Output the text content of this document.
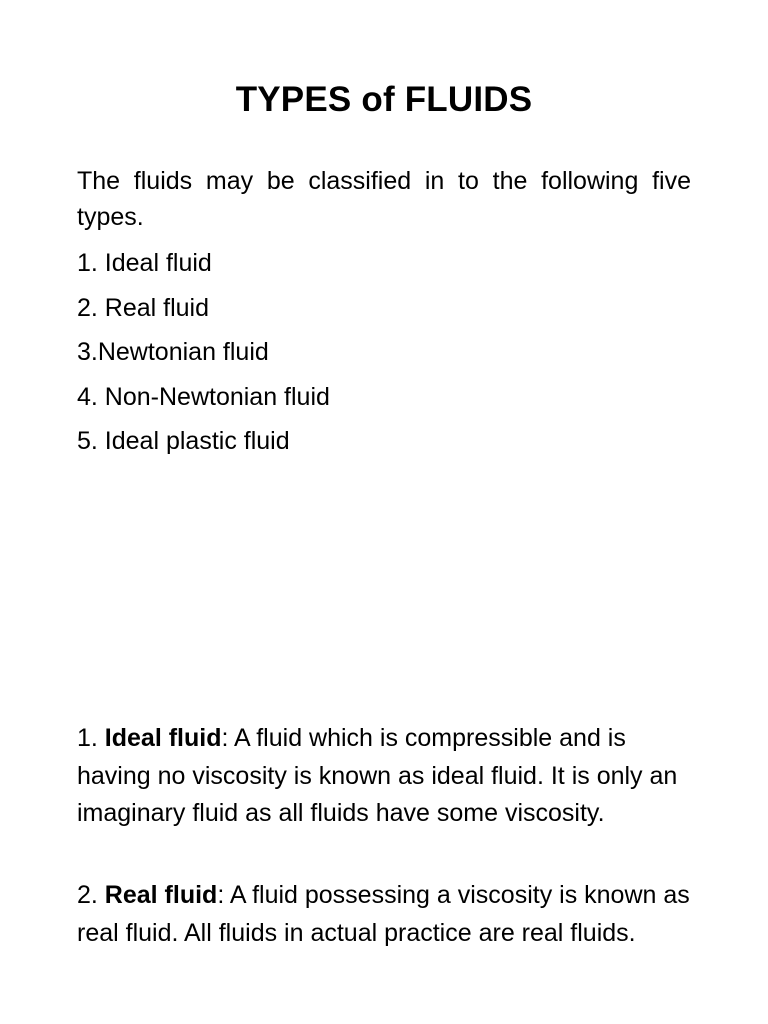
TYPES of FLUIDS

The fluids may be classified in to the following five types.

1. Ideal fluid
2. Real fluid
3.Newtonian fluid
4. Non-Newtonian fluid
5. Ideal plastic fluid

1. Ideal fluid: A fluid which is compressible and is having no viscosity is known as ideal fluid. It is only an imaginary fluid as all fluids have some viscosity.

2. Real fluid: A fluid possessing a viscosity is known as real fluid. All fluids in actual practice are real fluids.
